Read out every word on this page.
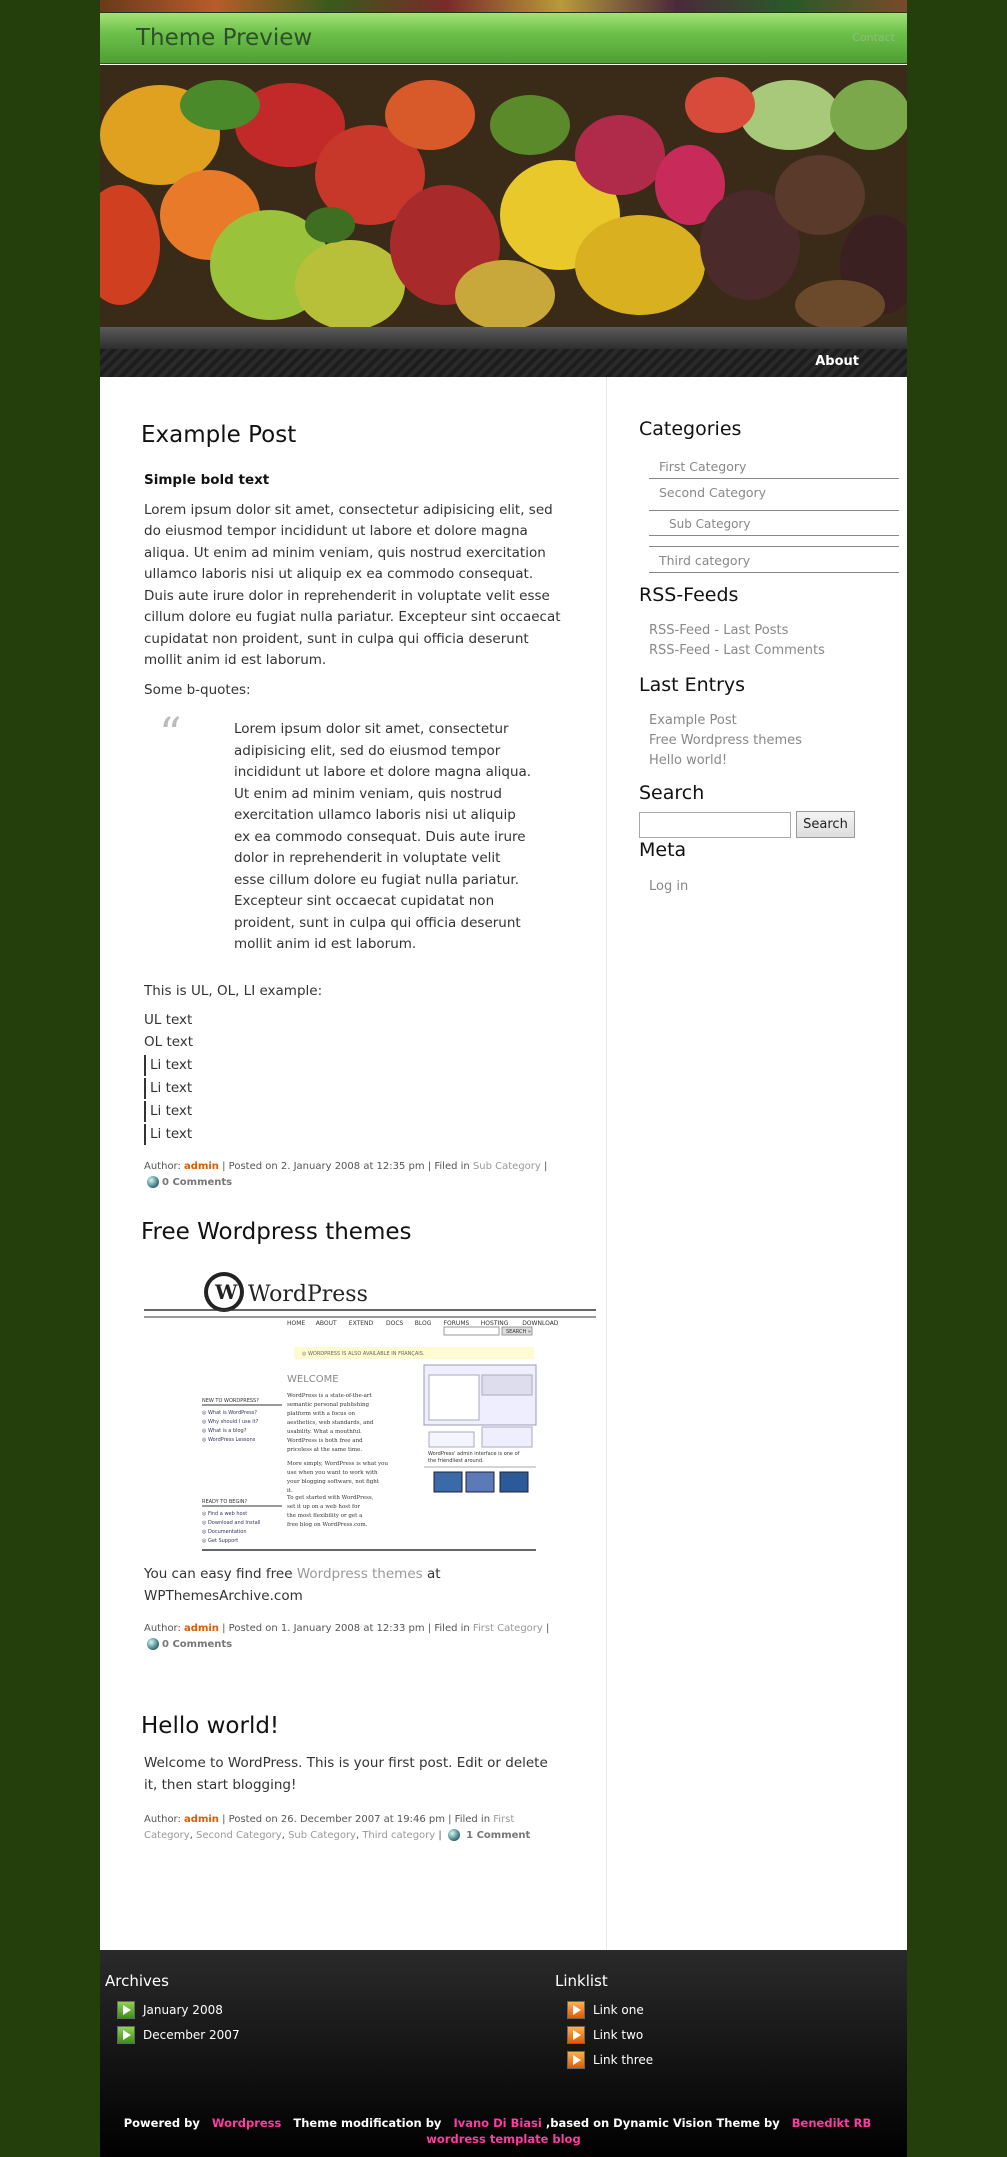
Theme Preview	Contact
About
Example Post

Simple bold text

Lorem ipsum dolor sit amet, consectetur adipisicing elit, sed do eiusmod tempor incididunt ut labore et dolore magna aliqua. Ut enim ad minim veniam, quis nostrud exercitation ullamco laboris nisi ut aliquip ex ea commodo consequat. Duis aute irure dolor in reprehenderit in voluptate velit esse cillum dolore eu fugiat nulla pariatur. Excepteur sint occaecat cupidatat non proident, sunt in culpa qui officia deserunt mollit anim id est laborum.

Some b-quotes:

“	Lorem ipsum dolor sit amet, consectetur adipisicing elit, sed do eiusmod tempor incididunt ut labore et dolore magna aliqua. Ut enim ad minim veniam, quis nostrud exercitation ullamco laboris nisi ut aliquip ex ea commodo consequat. Duis aute irure dolor in reprehenderit in voluptate velit esse cillum dolore eu fugiat nulla pariatur. Excepteur sint occaecat cupidatat non proident, sunt in culpa qui officia deserunt mollit anim id est laborum.

This is UL, OL, LI example:

UL text

OL text

Li text
Li text
Li text
Li text
Author: admin | Posted on 2. January 2008 at 12:35 pm | Filed in Sub Category | 0 Comments
Free Wordpress themes
W WordPress
HOME ABOUT EXTEND DOCS BLOG FORUMS HOSTING DOWNLOAD
SEARCH »
◎ WORDPRESS IS ALSO AVAILABLE IN FRANÇAIS.
WELCOME
NEW TO WORDPRESS?
◎ What is WordPress?
◎ Why should I use it?
◎ What is a blog?
◎ WordPress Lessons
READY TO BEGIN?
◎ Find a web host
◎ Download and Install
◎ Documentation
◎ Get Support
WordPress is a state-of-the-art
semantic personal publishing
platform with a focus on
aesthetics, web standards, and
usability. What a mouthful.
WordPress is both free and
priceless at the same time.
More simply, WordPress is what you
use when you want to work with
your blogging software, not fight
it.
To get started with WordPress,
set it up on a web host for
the most flexibility or get a
free blog on WordPress.com.
WordPress' admin interface is one of
the friendliest around.

You can easy find free Wordpress themes at WPThemesArchive.com

Author: admin | Posted on 1. January 2008 at 12:33 pm | Filed in First Category | 0 Comments
Hello world!

Welcome to WordPress. This is your first post. Edit or delete it, then start blogging!

Author: admin | Posted on 26. December 2007 at 19:46 pm | Filed in First Category, Second Category, Sub Category, Third category |  1 Comment
Categories
First Category
Second Category
Sub Category
Third category
RSS-Feeds
RSS-Feed - Last Posts
RSS-Feed - Last Comments
Last Entrys
Example Post
Free Wordpress themes
Hello world!
Search
Search
Meta
Log in
Archives
January 2008
December 2007
Linklist
Link one
Link two
Link three
Powered by Wordpress Theme modification by Ivano Di Biasi ,based on Dynamic Vision Theme by Benedikt RB    wordress template blog
